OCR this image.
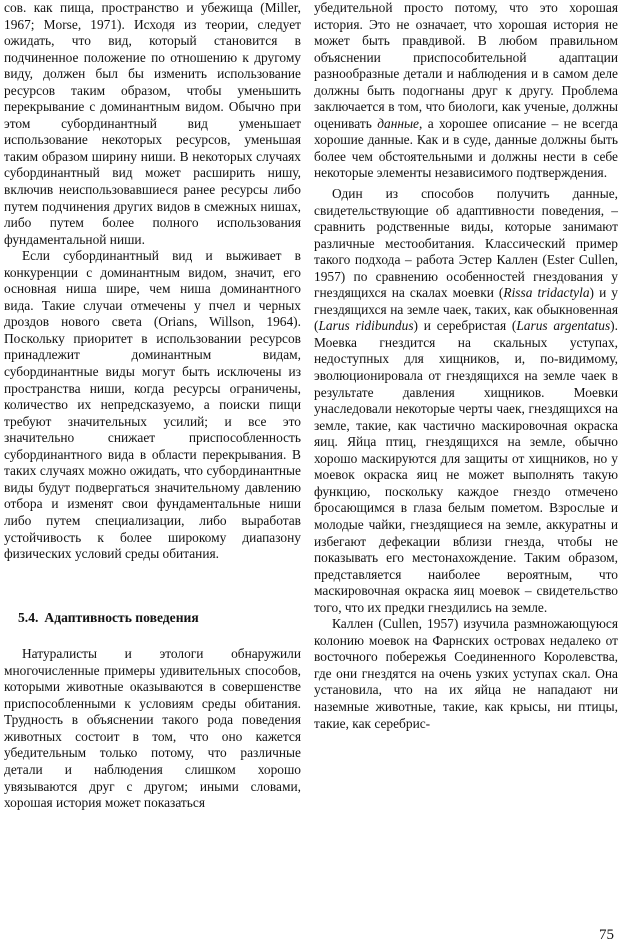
сов. как пища, пространство и убежища (Miller, 1967; Morse, 1971). Исходя из теории, следует ожидать, что вид, который становится в подчиненное положение по отношению к другому виду, должен был бы изменить использование ресурсов таким образом, чтобы уменьшить перекрывание с доминантным видом. Обычно при этом субординантный вид уменьшает использование некоторых ресурсов, уменьшая таким образом ширину ниши. В некоторых случаях субординантный вид может расширить нишу, включив неиспользовавшиеся ранее ресурсы либо путем подчинения других видов в смежных нишах, либо путем более полного использования фундаментальной ниши.

Если субординантный вид и выживает в конкуренции с доминантным видом, значит, его основная ниша шире, чем ниша доминантного вида. Такие случаи отмечены у пчел и черных дроздов нового света (Orians, Willson, 1964). Поскольку приоритет в использовании ресурсов принадлежит доминантным видам, субординантные виды могут быть исключены из пространства ниши, когда ресурсы ограничены, количество их непредсказуемо, а поиски пищи требуют значительных усилий; и все это значительно снижает приспособленность субординантного вида в области перекрывания. В таких случаях можно ожидать, что субординантные виды будут подвергаться значительному давлению отбора и изменят свои фундаментальные ниши либо путем специализации, либо выработав устойчивость к более широкому диапазону физических условий среды обитания.

5.4. Адаптивность поведения

Натуралисты и этологи обнаружили многочисленные примеры удивительных способов, которыми животные оказываются в совершенстве приспособленными к условиям среды обитания. Трудность в объяснении такого рода поведения животных состоит в том, что оно кажется убедительным только потому, что различные детали и наблюдения слишком хорошо увязываются друг с другом; иными словами, хорошая история может показаться

убедительной просто потому, что это хорошая история. Это не означает, что хорошая история не может быть правдивой. В любом правильном объяснении приспособительной адаптации разнообразные детали и наблюдения и в самом деле должны быть подогнаны друг к другу. Проблема заключается в том, что биологи, как ученые, должны оценивать данные, а хорошее описание – не всегда хорошие данные. Как и в суде, данные должны быть более чем обстоятельными и должны нести в себе некоторые элементы независимого подтверждения.

Один из способов получить данные, свидетельствующие об адаптивности поведения, – сравнить родственные виды, которые занимают различные местообитания. Классический пример такого подхода – работа Эстер Каллен (Ester Cullen, 1957) по сравнению особенностей гнездования у гнездящихся на скалах моевки (Rissa tridactyla) и у гнездящихся на земле чаек, таких, как обыкновенная (Larus ridibundus) и серебристая (Larus argentatus). Моевка гнездится на скальных уступах, недоступных для хищников, и, по-видимому, эволюционировала от гнездящихся на земле чаек в результате давления хищников. Моевки унаследовали некоторые черты чаек, гнездящихся на земле, такие, как частично маскировочная окраска яиц. Яйца птиц, гнездящихся на земле, обычно хорошо маскируются для защиты от хищников, но у моевок окраска яиц не может выполнять такую функцию, поскольку каждое гнездо отмечено бросающимся в глаза белым пометом. Взрослые и молодые чайки, гнездящиеся на земле, аккуратны и избегают дефекации вблизи гнезда, чтобы не показывать его местонахождение. Таким образом, представляется наиболее вероятным, что маскировочная окраска яиц моевок – свидетельство того, что их предки гнездились на земле.

Каллен (Cullen, 1957) изучила размножающуюся колонию моевок на Фарнских островах недалеко от восточного побережья Соединенного Королевства, где они гнездятся на очень узких уступах скал. Она установила, что на их яйца не нападают ни наземные животные, такие, как крысы, ни птицы, такие, как серебрис-

75
